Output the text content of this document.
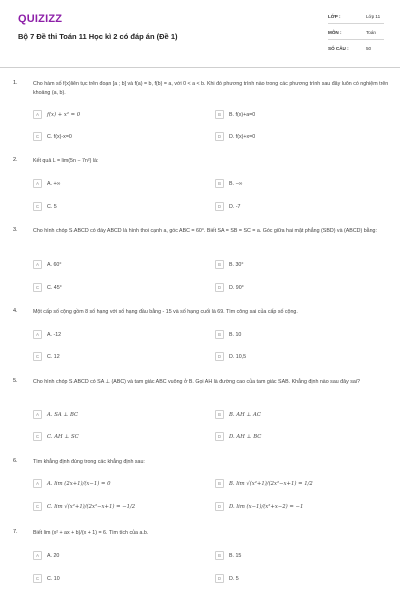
QUIZIZZ
Bộ 7 Đề thi Toán 11 Học kì 2 có đáp án (Đề 1)
LỚP :	Lớp 11
MÔN :	Toán
SỐ CÂU :	50
1.	Cho hàm số f(x)liên tục trên đoạn [a ; b] và f(a) = b, f(b) = a, với 0 < a < b. Khi đó phương trình nào trong các phương trình sau đây luôn có nghiệm trên khoảng (a, b).
A	f(x) + x² = 0	B	B. f(x)+a=0
C	C. f(x)-x=0	D	D. f(x)+x=0
2.	Kết quả L = lim(5n − 7n²) là:
A	A. +∞	B	B. −∞
C	C. 5	D	D. -7
3.	Cho hình chóp S.ABCD có đáy ABCD là hình thoi cạnh a, góc ABC = 60°. Biết SA = SB = SC = a. Góc giữa hai mặt phẳng (SBD) và (ABCD) bằng:
A	A. 60°	B	B. 30°
C	C. 45°	D	D. 90°
4.	Một cấp số cộng gồm 8 số hạng với số hạng đầu bằng - 15 và số hạng cuối là 69. Tìm công sai của cấp số cộng.
A	A. -12	B	B. 10
C	C. 12	D	D. 10,5
5.	Cho hình chóp S.ABCD có SA ⊥ (ABC) và tam giác ABC vuông ở B. Gọi AH là đường cao của tam giác SAB. Khẳng định nào sau đây sai?
A	A. SA ⊥ BC	B	B. AH ⊥ AC
C	C. AH ⊥ SC	D	D. AH ⊥ BC
6.	Tìm khẳng định đúng trong các khẳng định sau:
A	A. lim (2x+1)/(x−1) = 0	B	B. lim √(x²+1)/(2x²−x+1) = 1/2
C	C. lim √(x²+1)/(2x²−x+1) = −1/2	D	D. lim (x−1)/(x²+x−2) = −1
7.	Biết lim (x² + ax + b)/(x + 1) = 6. Tìm tích của a.b.
A	A. 20	B	B. 15
C	C. 10	D	D. 5
